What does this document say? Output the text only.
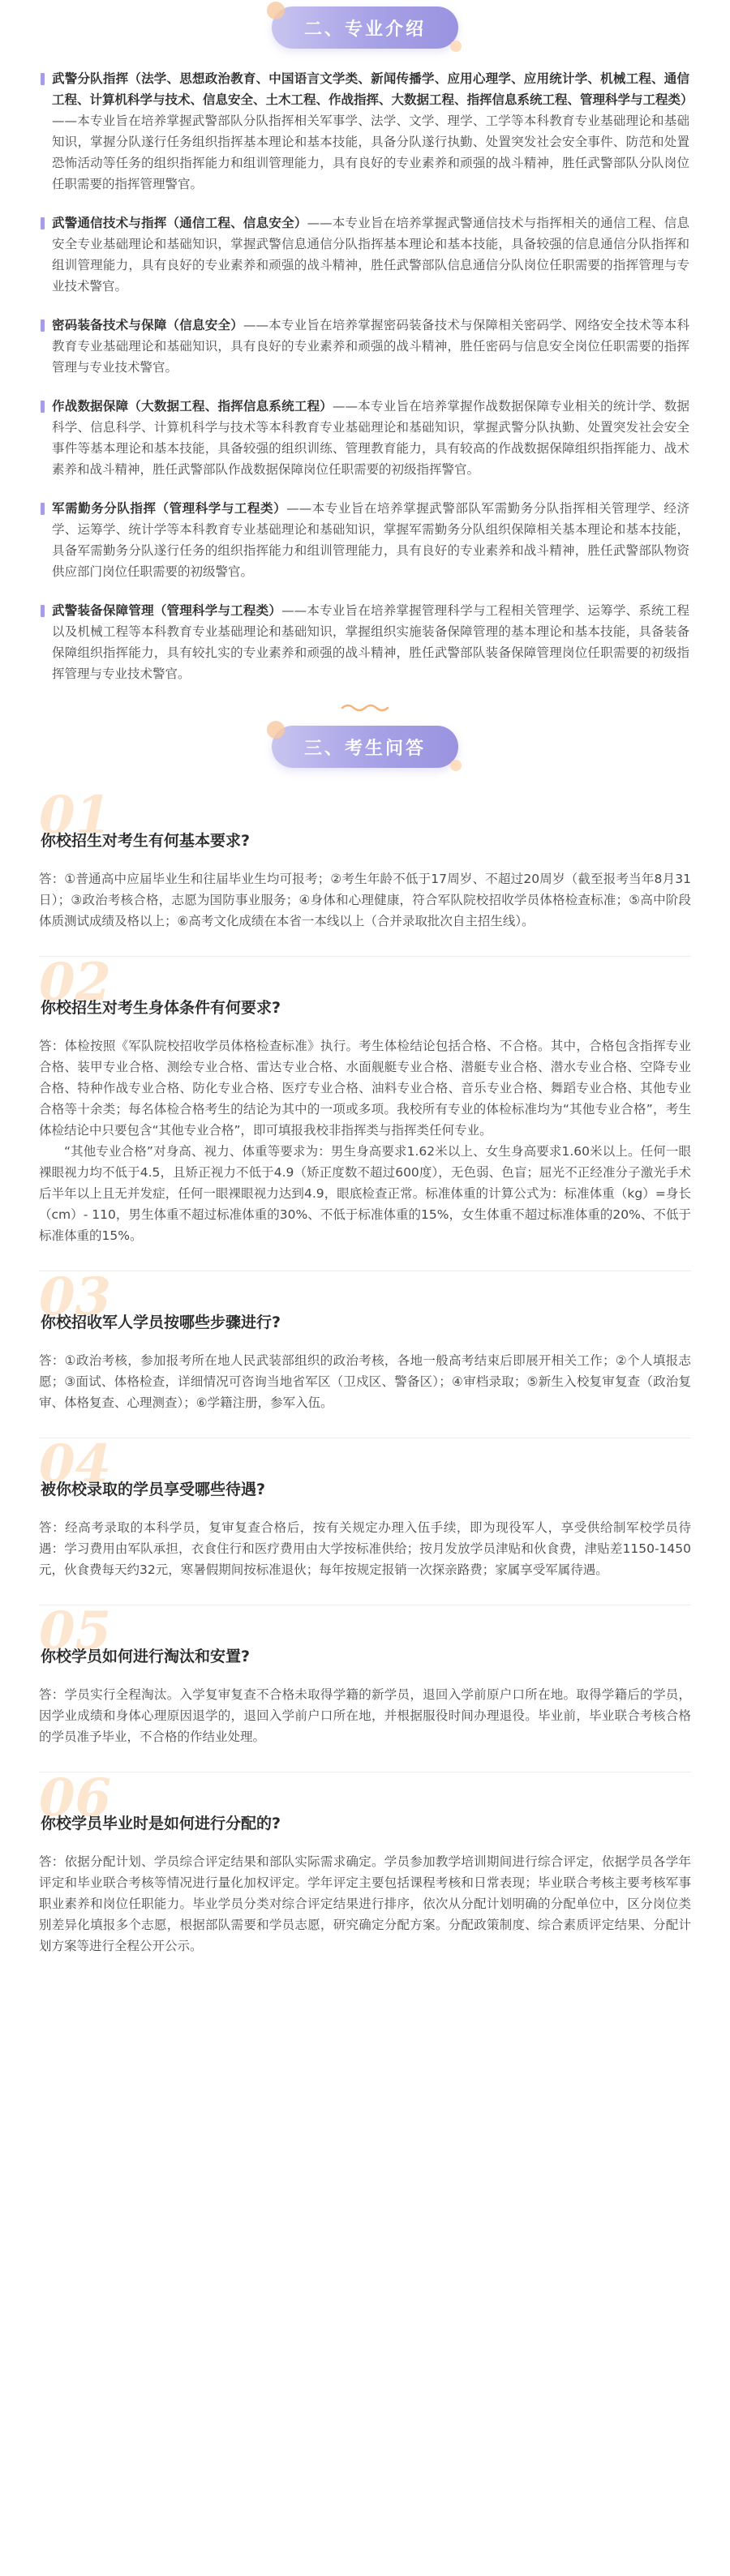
二、专业介绍
武警分队指挥（法学、思想政治教育、中国语言文学类、新闻传播学、应用心理学、应用统计学、机械工程、通信工程、计算机科学与技术、信息安全、土木工程、作战指挥、大数据工程、指挥信息系统工程、管理科学与工程类）——本专业旨在培养掌握武警部队分队指挥相关军事学、法学、文学、理学、工学等本科教育专业基础理论和基础知识，掌握分队遂行任务组织指挥基本理论和基本技能，具备分队遂行执勤、处置突发社会安全事件、防范和处置恐怖活动等任务的组织指挥能力和组训管理能力，具有良好的专业素养和顽强的战斗精神，胜任武警部队分队岗位任职需要的指挥管理警官。
武警通信技术与指挥（通信工程、信息安全）——本专业旨在培养掌握武警通信技术与指挥相关的通信工程、信息安全专业基础理论和基础知识，掌握武警信息通信分队指挥基本理论和基本技能，具备较强的信息通信分队指挥和组训管理能力，具有良好的专业素养和顽强的战斗精神，胜任武警部队信息通信分队岗位任职需要的指挥管理与专业技术警官。
密码装备技术与保障（信息安全）——本专业旨在培养掌握密码装备技术与保障相关密码学、网络安全技术等本科教育专业基础理论和基础知识，具有良好的专业素养和顽强的战斗精神，胜任密码与信息安全岗位任职需要的指挥管理与专业技术警官。
作战数据保障（大数据工程、指挥信息系统工程）——本专业旨在培养掌握作战数据保障专业相关的统计学、数据科学、信息科学、计算机科学与技术等本科教育专业基础理论和基础知识，掌握武警分队执勤、处置突发社会安全事件等基本理论和基本技能，具备较强的组织训练、管理教育能力，具有较高的作战数据保障组织指挥能力、战术素养和战斗精神，胜任武警部队作战数据保障岗位任职需要的初级指挥警官。
军需勤务分队指挥（管理科学与工程类）——本专业旨在培养掌握武警部队军需勤务分队指挥相关管理学、经济学、运筹学、统计学等本科教育专业基础理论和基础知识，掌握军需勤务分队组织保障相关基本理论和基本技能，具备军需勤务分队遂行任务的组织指挥能力和组训管理能力，具有良好的专业素养和战斗精神，胜任武警部队物资供应部门岗位任职需要的初级警官。
武警装备保障管理（管理科学与工程类）——本专业旨在培养掌握管理科学与工程相关管理学、运筹学、系统工程以及机械工程等本科教育专业基础理论和基础知识，掌握组织实施装备保障管理的基本理论和基本技能，具备装备保障组织指挥能力，具有较扎实的专业素养和顽强的战斗精神，胜任武警部队装备保障管理岗位任职需要的初级指挥管理与专业技术警官。
三、考生问答
01
你校招生对考生有何基本要求?

答：①普通高中应届毕业生和往届毕业生均可报考；②考生年龄不低于17周岁、不超过20周岁（截至报考当年8月31日）；③政治考核合格，志愿为国防事业服务；④身体和心理健康，符合军队院校招收学员体格检查标准；⑤高中阶段体质测试成绩及格以上；⑥高考文化成绩在本省一本线以上（合并录取批次自主招生线）。

02
你校招生对考生身体条件有何要求?

答：体检按照《军队院校招收学员体格检查标准》执行。考生体检结论包括合格、不合格。其中，合格包含指挥专业合格、装甲专业合格、测绘专业合格、雷达专业合格、水面舰艇专业合格、潜艇专业合格、潜水专业合格、空降专业合格、特种作战专业合格、防化专业合格、医疗专业合格、油料专业合格、音乐专业合格、舞蹈专业合格、其他专业合格等十余类；每名体检合格考生的结论为其中的一项或多项。我校所有专业的体检标准均为“其他专业合格”，考生体检结论中只要包含“其他专业合格”，即可填报我校非指挥类与指挥类任何专业。

“其他专业合格”对身高、视力、体重等要求为：男生身高要求1.62米以上、女生身高要求1.60米以上。任何一眼裸眼视力均不低于4.5，且矫正视力不低于4.9（矫正度数不超过600度），无色弱、色盲；屈光不正经准分子激光手术后半年以上且无并发症，任何一眼裸眼视力达到4.9，眼底检查正常。标准体重的计算公式为：标准体重（kg）=身长（cm）- 110，男生体重不超过标准体重的30%、不低于标准体重的15%，女生体重不超过标准体重的20%、不低于标准体重的15%。

03
你校招收军人学员按哪些步骤进行?

答：①政治考核，参加报考所在地人民武装部组织的政治考核，各地一般高考结束后即展开相关工作；②个人填报志愿；③面试、体格检查，详细情况可咨询当地省军区（卫戍区、警备区）；④审档录取；⑤新生入校复审复查（政治复审、体格复查、心理测查）；⑥学籍注册，参军入伍。

04
被你校录取的学员享受哪些待遇?

答：经高考录取的本科学员，复审复查合格后，按有关规定办理入伍手续，即为现役军人，享受供给制军校学员待遇：学习费用由军队承担，衣食住行和医疗费用由大学按标准供给；按月发放学员津贴和伙食费，津贴差1150-1450元，伙食费每天约32元，寒暑假期间按标准退伙；每年按规定报销一次探亲路费；家属享受军属待遇。

05
你校学员如何进行淘汰和安置?

答：学员实行全程淘汰。入学复审复查不合格未取得学籍的新学员，退回入学前原户口所在地。取得学籍后的学员，因学业成绩和身体心理原因退学的，退回入学前户口所在地，并根据服役时间办理退役。毕业前，毕业联合考核合格的学员准予毕业，不合格的作结业处理。

06
你校学员毕业时是如何进行分配的?

答：依据分配计划、学员综合评定结果和部队实际需求确定。学员参加教学培训期间进行综合评定，依据学员各学年评定和毕业联合考核等情况进行量化加权评定。学年评定主要包括课程考核和日常表现；毕业联合考核主要考核军事职业素养和岗位任职能力。毕业学员分类对综合评定结果进行排序，依次从分配计划明确的分配单位中，区分岗位类别差异化填报多个志愿，根据部队需要和学员志愿，研究确定分配方案。分配政策制度、综合素质评定结果、分配计划方案等进行全程公开公示。
